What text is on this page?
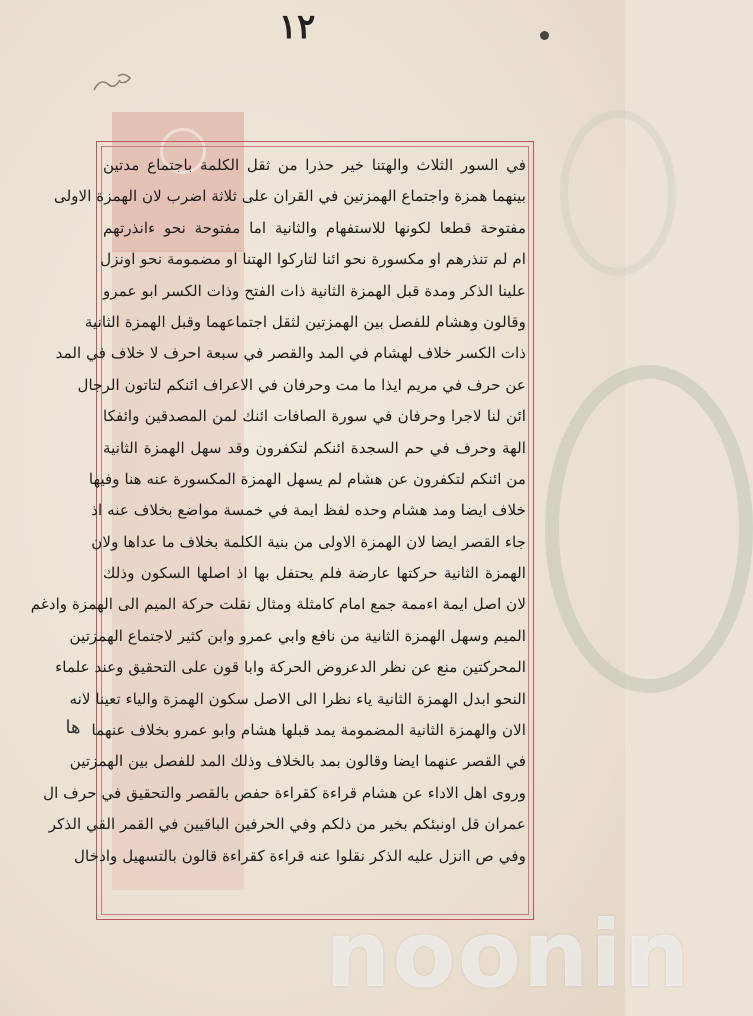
١٢
في السور الثلاث والهتنا خير حذرا من ثقل الكلمة باجتماع مدتين
بينهما همزة واجتماع الهمزتين في القران على ثلاثة اضرب لان الهمزة الاولى
مفتوحة قطعا لكونها للاستفهام والثانية اما مفتوحة نحو ءانذرتهم
ام لم تنذرهم او مكسورة نحو ائنا لتاركوا الهتنا او مضمومة نحو اونزل
علينا الذكر ومدة قبل الهمزة الثانية ذات الفتح وذات الكسر ابو عمرو
وقالون وهشام للفصل بين الهمزتين لثقل اجتماعهما وقبل الهمزة الثانية
ذات الكسر خلاف لهشام في المد والقصر في سبعة احرف لا خلاف في المد
عن حرف في مريم ايذا ما مت وحرفان في الاعراف ائنكم لتاتون الرجال
ائن لنا لاجرا وحرفان في سورة الصافات ائنك لمن المصدقين وائفكا
الهة وحرف في حم السجدة ائنكم لتكفرون وقد سهل الهمزة الثانية
من ائنكم لتكفرون عن هشام لم يسهل الهمزة المكسورة عنه هنا وفيها
خلاف ايضا ومد هشام وحده لفظ ايمة في خمسة مواضع بخلاف عنه اذ
جاء القصر ايضا لان الهمزة الاولى من بنية الكلمة بخلاف ما عداها ولان
الهمزة الثانية حركتها عارضة فلم يحتفل بها اذ اصلها السكون وذلك
لان اصل ايمة اءممة جمع امام كامثلة ومثال نقلت حركة الميم الى الهمزة وادغم
الميم وسهل الهمزة الثانية من نافع وابي عمرو وابن كثير لاجتماع الهمزتين
المحركتين منع عن نظر الدعروض الحركة وابا قون على التحقيق وعند علماء
النحو ابدل الهمزة الثانية ياء نظرا الى الاصل سكون الهمزة والياء تعينا لانه
الان والهمزة الثانية المضمومة يمد قبلها هشام وابو عمرو بخلاف عنهما
في القصر عنهما ايضا وقالون بمد بالخلاف وذلك المد للفصل بين الهمزتين
وروى اهل الاداء عن هشام قراءة كقراءة حفص بالقصر والتحقيق في حرف ال
عمران قل اونبئكم بخير من ذلكم وفي الحرفين الباقيين في القمر القي الذكر
وفي ص اانزل عليه الذكر نقلوا عنه قراءة كقراءة قالون بالتسهيل وادخال
ها
noonin
